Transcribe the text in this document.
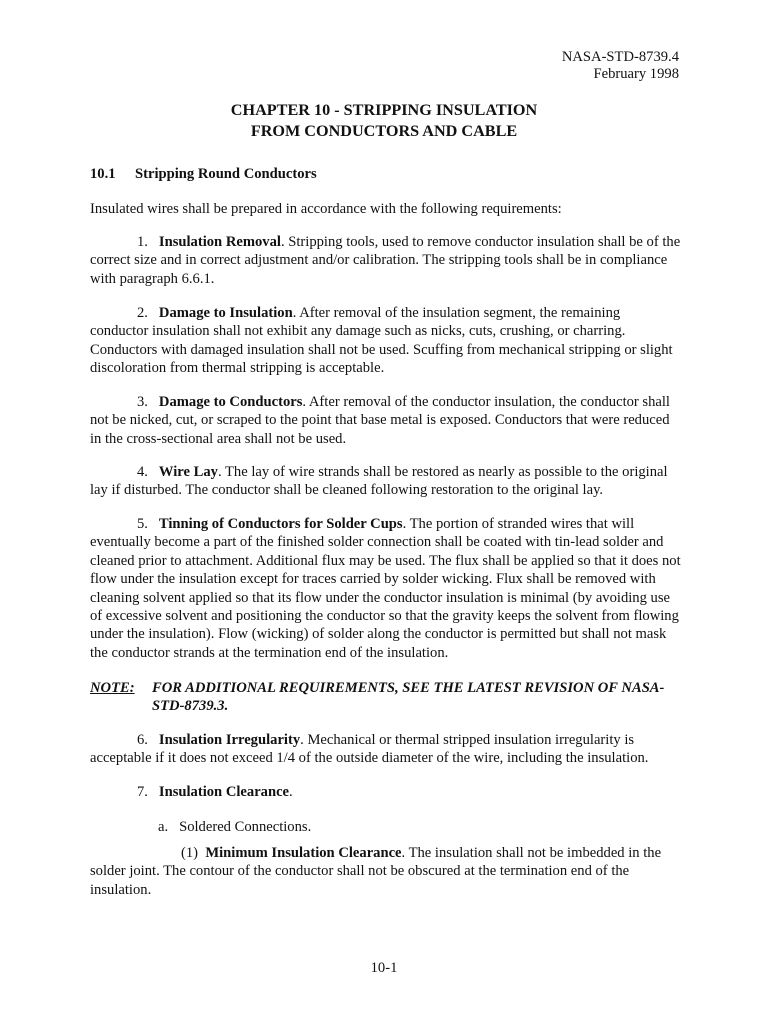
NASA-STD-8739.4
February 1998
CHAPTER 10 - STRIPPING INSULATION
FROM CONDUCTORS AND CABLE
10.1 Stripping Round Conductors
Insulated wires shall be prepared in accordance with the following requirements:
1. Insulation Removal. Stripping tools, used to remove conductor insulation shall be of the correct size and in correct adjustment and/or calibration. The stripping tools shall be in compliance with paragraph 6.6.1.
2. Damage to Insulation. After removal of the insulation segment, the remaining conductor insulation shall not exhibit any damage such as nicks, cuts, crushing, or charring. Conductors with damaged insulation shall not be used. Scuffing from mechanical stripping or slight discoloration from thermal stripping is acceptable.
3. Damage to Conductors. After removal of the conductor insulation, the conductor shall not be nicked, cut, or scraped to the point that base metal is exposed. Conductors that were reduced in the cross-sectional area shall not be used.
4. Wire Lay. The lay of wire strands shall be restored as nearly as possible to the original lay if disturbed. The conductor shall be cleaned following restoration to the original lay.
5. Tinning of Conductors for Solder Cups. The portion of stranded wires that will eventually become a part of the finished solder connection shall be coated with tin-lead solder and cleaned prior to attachment. Additional flux may be used. The flux shall be applied so that it does not flow under the insulation except for traces carried by solder wicking. Flux shall be removed with cleaning solvent applied so that its flow under the conductor insulation is minimal (by avoiding use of excessive solvent and positioning the conductor so that the gravity keeps the solvent from flowing under the insulation). Flow (wicking) of solder along the conductor is permitted but shall not mask the conductor strands at the termination end of the insulation.
NOTE:	FOR ADDITIONAL REQUIREMENTS, SEE THE LATEST REVISION OF NASA-STD-8739.3.
6. Insulation Irregularity. Mechanical or thermal stripped insulation irregularity is acceptable if it does not exceed 1/4 of the outside diameter of the wire, including the insulation.
7. Insulation Clearance.
a. Soldered Connections.
(1) Minimum Insulation Clearance. The insulation shall not be imbedded in the solder joint. The contour of the conductor shall not be obscured at the termination end of the insulation.
10-1
